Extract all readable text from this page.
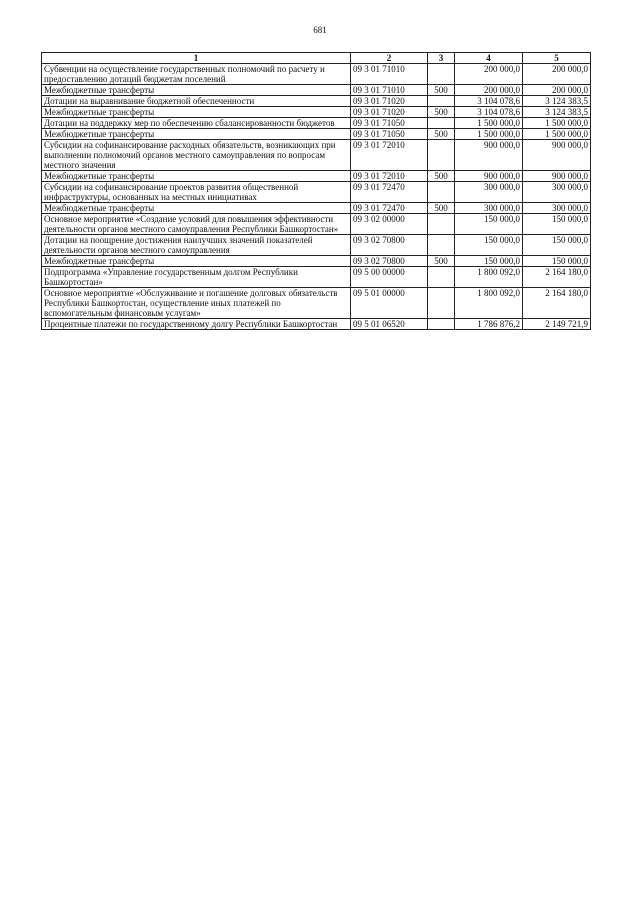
681
1	2	3	4	5
Субвенции на осуществление государственных полномочий по расчету и предоставлению дотаций бюджетам поселений	09 3 01 71010		200 000,0	200 000,0
Межбюджетные трансферты	09 3 01 71010	500	200 000,0	200 000,0
Дотации на выравнивание бюджетной обеспеченности	09 3 01 71020		3 104 078,6	3 124 383,5
Межбюджетные трансферты	09 3 01 71020	500	3 104 078,6	3 124 383,5
Дотации на поддержку мер по обеспечению сбалансированности бюджетов	09 3 01 71050		1 500 000,0	1 500 000,0
Межбюджетные трансферты	09 3 01 71050	500	1 500 000,0	1 500 000,0
Субсидии на софинансирование расходных обязательств, возникающих при выполнении полномочий органов местного самоуправления по вопросам местного значения	09 3 01 72010		900 000,0	900 000,0
Межбюджетные трансферты	09 3 01 72010	500	900 000,0	900 000,0
Субсидии на софинансирование проектов развития общественной инфраструктуры, основанных на местных инициативах	09 3 01 72470		300 000,0	300 000,0
Межбюджетные трансферты	09 3 01 72470	500	300 000,0	300 000,0
Основное мероприятие «Создание условий для повышения эффективности деятельности органов местного самоуправления Республики Башкортостан»	09 3 02 00000		150 000,0	150 000,0
Дотации на поощрение достижения наилучших значений показателей деятельности органов местного самоуправления	09 3 02 70800		150 000,0	150 000,0
Межбюджетные трансферты	09 3 02 70800	500	150 000,0	150 000,0
Подпрограмма «Управление государственным долгом Республики Башкортостан»	09 5 00 00000		1 800 092,0	2 164 180,0
Основное мероприятие «Обслуживание и погашение долговых обязательств Республики Башкортостан, осуществление иных платежей по вспомогательным финансовым услугам»	09 5 01 00000		1 800 092,0	2 164 180,0
Процентные платежи по государственному долгу Республики Башкортостан	09 5 01 06520		1 786 876,2	2 149 721,9
